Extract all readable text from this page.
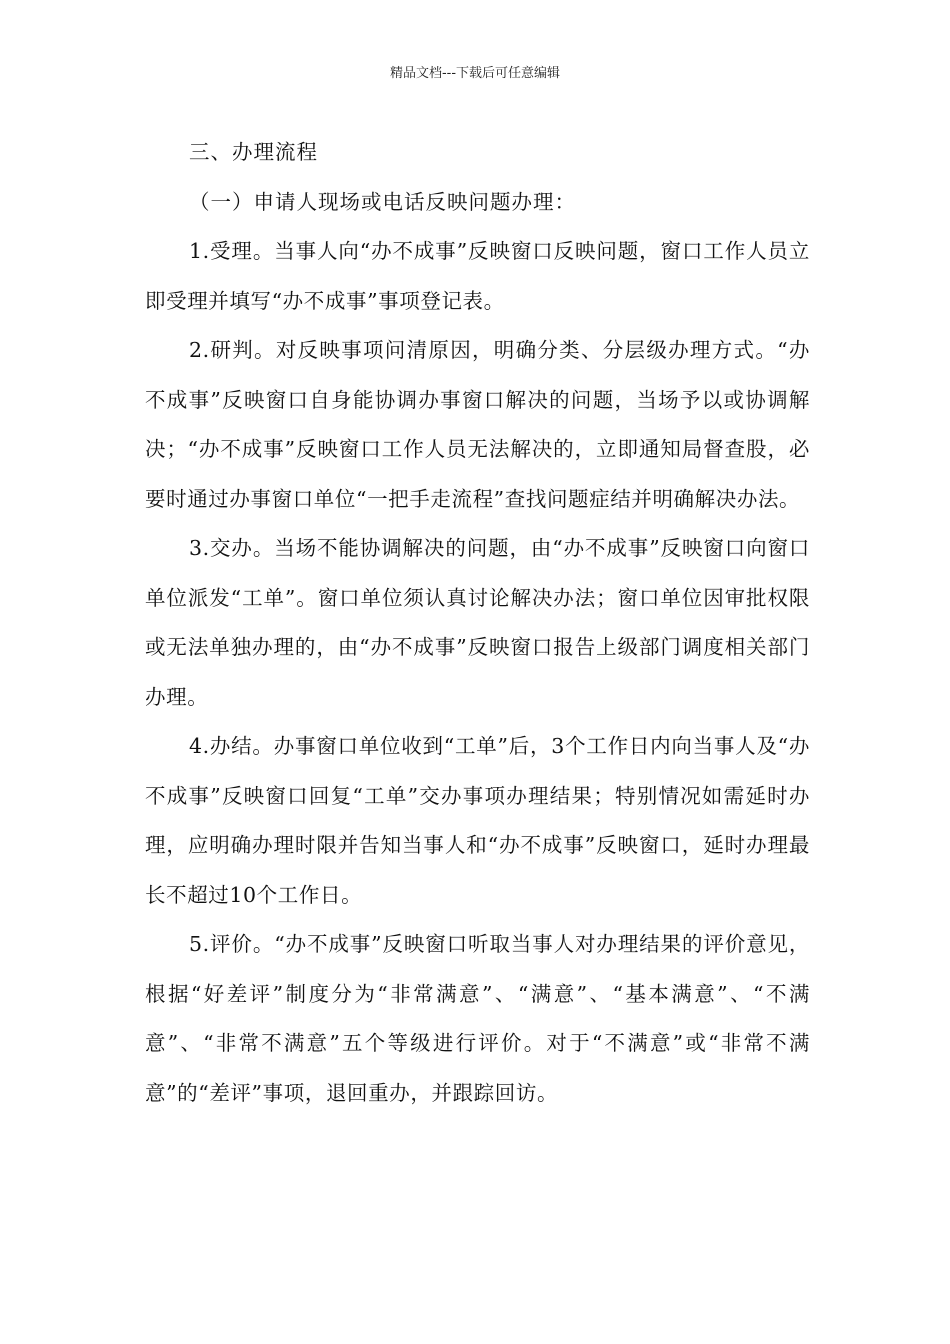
精品文档---下载后可任意编辑

三、办理流程

（一）申请人现场或电话反映问题办理：

1.受理。当事人向“办不成事”反映窗口反映问题，窗口工作人员立即受理并填写“办不成事”事项登记表。

2.研判。对反映事项问清原因，明确分类、分层级办理方式。“办不成事”反映窗口自身能协调办事窗口解决的问题，当场予以或协调解决；“办不成事”反映窗口工作人员无法解决的，立即通知局督查股，必要时通过办事窗口单位“一把手走流程”查找问题症结并明确解决办法。

3.交办。当场不能协调解决的问题，由“办不成事”反映窗口向窗口单位派发“工单”。窗口单位须认真讨论解决办法；窗口单位因审批权限或无法单独办理的，由“办不成事”反映窗口报告上级部门调度相关部门办理。

4.办结。办事窗口单位收到“工单”后，3个工作日内向当事人及“办不成事”反映窗口回复“工单”交办事项办理结果；特别情况如需延时办理，应明确办理时限并告知当事人和“办不成事”反映窗口，延时办理最长不超过10个工作日。

5.评价。“办不成事”反映窗口听取当事人对办理结果的评价意见，根据“好差评”制度分为“非常满意”、“满意”、“基本满意”、“不满意”、“非常不满意”五个等级进行评价。对于“不满意”或“非常不满意”的“差评”事项，退回重办，并跟踪回访。
